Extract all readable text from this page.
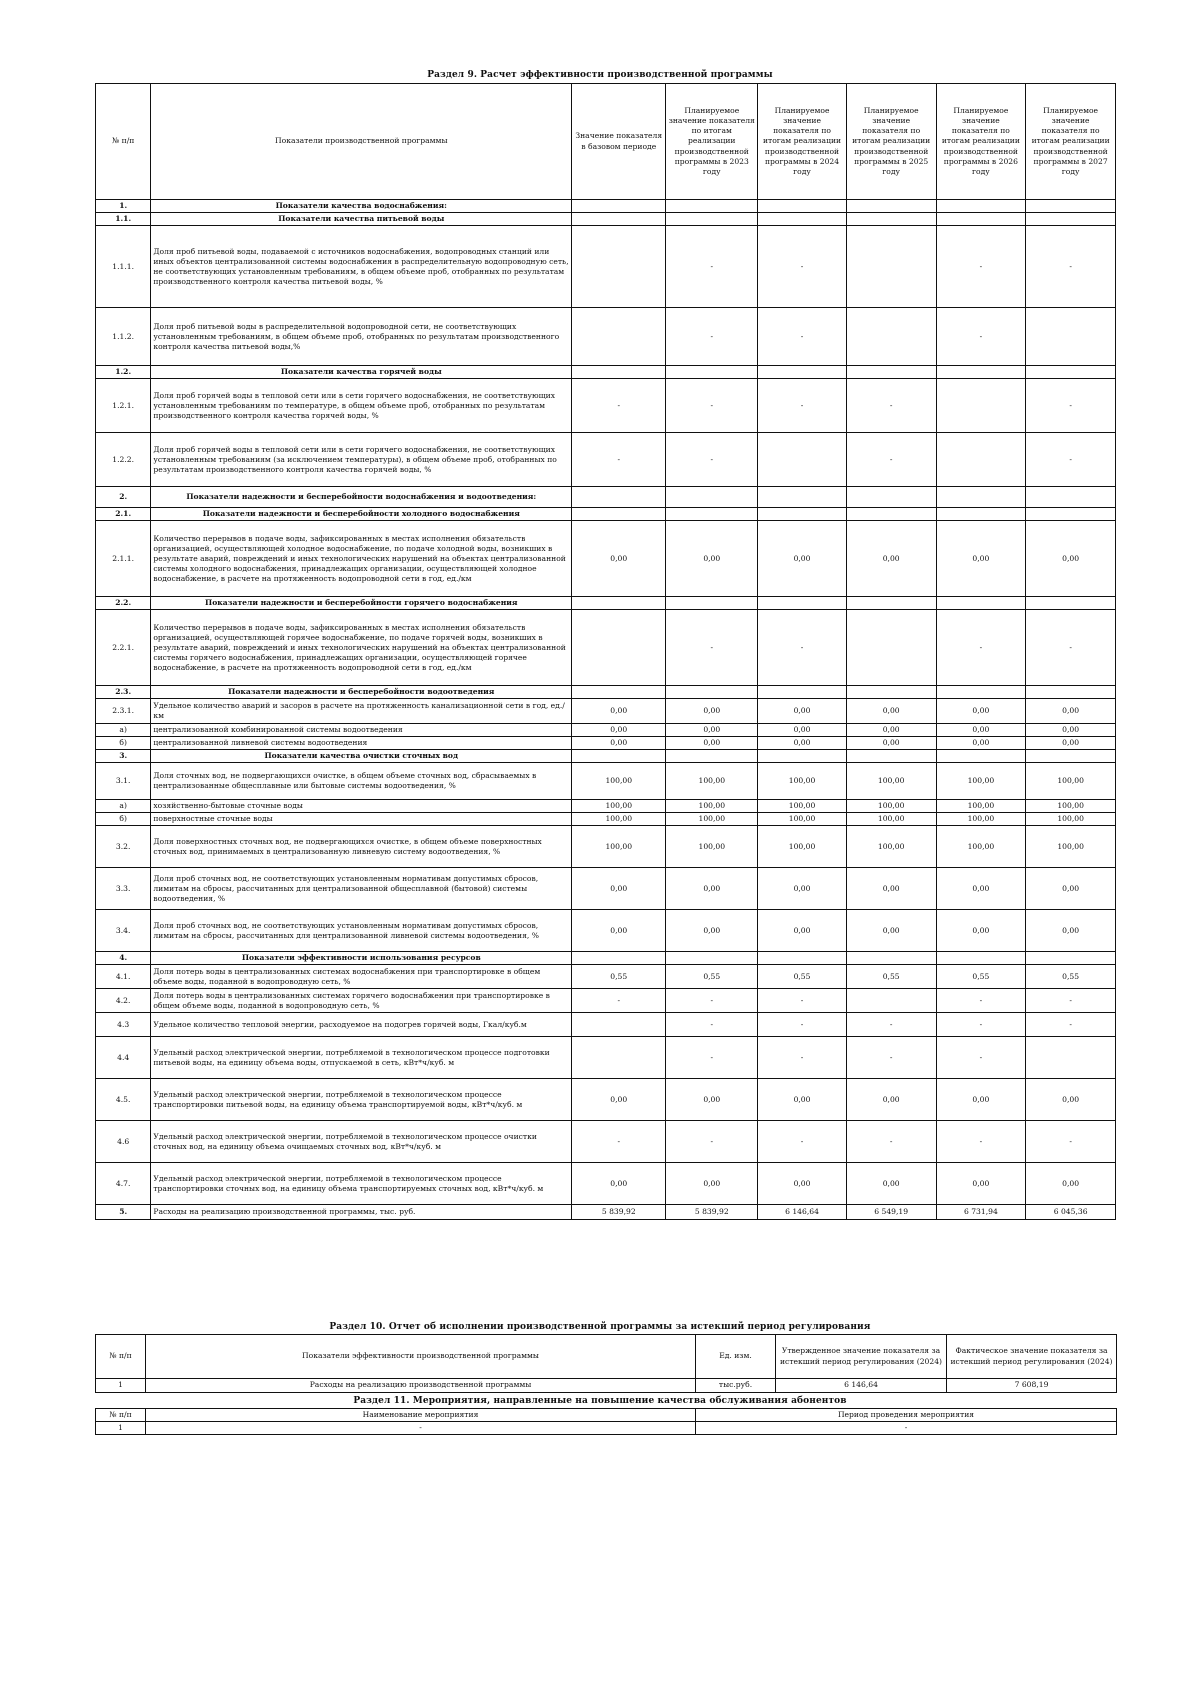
Раздел 9. Расчет эффективности производственной программы
№ п/п	Показатели производственной программы	Значение показателя в базовом периоде	Планируемое значение показателя по итогам реализации производственной программы в 2023 году	Планируемое значение показателя по итогам реализации производственной программы в 2024 году	Планируемое значение показателя по итогам реализации производственной программы в 2025 году	Планируемое значение показателя по итогам реализации производственной программы в 2026 году	Планируемое значение показателя по итогам реализации производственной программы в 2027 году
1.	Показатели качества водоснабжения:						
1.1.	Показатели качества питьевой воды						
1.1.1.	Доля проб питьевой воды, подаваемой с источников водоснабжения, водопроводных станций или иных объектов централизованной системы водоснабжения в распределительную водопроводную сеть, не соответствующих установленным требованиям, в общем объеме проб, отобранных по результатам производственного контроля качества питьевой воды, %		-	-		-	-
1.1.2.	Доля проб питьевой воды в распределительной водопроводной сети, не соответствующих установленным требованиям, в общем объеме проб, отобранных по результатам производственного контроля качества питьевой воды,%		-	-		-	
1.2.	Показатели качества горячей воды						
1.2.1.	Доля проб горячей воды в тепловой сети или в сети горячего водоснабжения, не соответствующих установленным требованиям по температуре, в общем объеме проб, отобранных по результатам производственного контроля качества горячей воды, %	-	-	-	-		-
1.2.2.	Доля проб горячей воды в тепловой сети или в сети горячего водоснабжения, не соответствующих установленным требованиям (за исключением температуры), в общем объеме проб, отобранных по результатам производственного контроля качества горячей воды, %	-	-		-		-
2.	Показатели надежности и бесперебойности водоснабжения и водоотведения:						
2.1.	Показатели надежности и бесперебойности холодного водоснабжения						
2.1.1.	Количество перерывов в подаче воды, зафиксированных в местах исполнения обязательств организацией, осуществляющей холодное водоснабжение, по подаче холодной воды, возникших в результате аварий, повреждений и иных технологических нарушений на объектах централизованной системы холодного водоснабжения, принадлежащих организации, осуществляющей холодное водоснабжение, в расчете на протяженность водопроводной сети в год, ед./км	0,00	0,00	0,00	0,00	0,00	0,00
2.2.	Показатели надежности и бесперебойности горячего водоснабжения						
2.2.1.	Количество перерывов в подаче воды, зафиксированных в местах исполнения обязательств организацией, осуществляющей горячее водоснабжение, по подаче горячей воды, возникших в результате аварий, повреждений и иных технологических нарушений на объектах централизованной системы горячего водоснабжения, принадлежащих организации, осуществляющей горячее водоснабжение, в расчете на протяженность водопроводной сети в год, ед./км		-	-		-	-
2.3.	Показатели надежности и бесперебойности водоотведения						
2.3.1.	Удельное количество аварий и засоров в расчете на протяженность канализационной сети в год, ед./км	0,00	0,00	0,00	0,00	0,00	0,00
а)	централизованной комбинированной системы водоотведения	0,00	0,00	0,00	0,00	0,00	0,00
б)	централизованной ливневой системы водоотведения	0,00	0,00	0,00	0,00	0,00	0,00
3.	Показатели качества очистки сточных вод						
3.1.	Доля сточных вод, не подвергающихся очистке, в общем объеме сточных вод, сбрасываемых в централизованные общесплавные или бытовые системы водоотведения, %	100,00	100,00	100,00	100,00	100,00	100,00
а)	хозяйственно-бытовые сточные воды	100,00	100,00	100,00	100,00	100,00	100,00
б)	поверхностные сточные воды	100,00	100,00	100,00	100,00	100,00	100,00
3.2.	Доля поверхностных сточных вод, не подвергающихся очистке, в общем объеме поверхностных сточных вод, принимаемых в централизованную ливневую систему водоотведения, %	100,00	100,00	100,00	100,00	100,00	100,00
3.3.	Доля проб сточных вод, не соответствующих установленным нормативам допустимых сбросов, лимитам на сбросы, рассчитанных для централизованной общесплавной (бытовой) системы водоотведения, %	0,00	0,00	0,00	0,00	0,00	0,00
3.4.	Доля проб сточных вод, не соответствующих установленным нормативам допустимых сбросов, лимитам на сбросы, рассчитанных для централизованной ливневой системы водоотведения, %	0,00	0,00	0,00	0,00	0,00	0,00
4.	Показатели эффективности использования ресурсов						
4.1.	Доля потерь воды в централизованных системах водоснабжения при транспортировке в общем объеме воды, поданной в водопроводную сеть, %	0,55	0,55	0,55	0,55	0,55	0,55
4.2.	Доля потерь воды в централизованных системах горячего водоснабжения при транспортировке в общем объеме воды, поданной в водопроводную сеть, %	-	-	-		-	-
4.3	Удельное количество тепловой энергии, расходуемое на подогрев горячей воды, Гкал/куб.м		-	-	-	-	-
4.4	Удельный расход электрической энергии, потребляемой в технологическом процессе подготовки питьевой воды, на единицу объема воды, отпускаемой в сеть, кВт*ч/куб. м		-	-	-	-	
4.5.	Удельный расход электрической энергии, потребляемой в технологическом процессе транспортировки питьевой воды, на единицу объема транспортируемой воды, кВт*ч/куб. м	0,00	0,00	0,00	0,00	0,00	0,00
4.6	Удельный расход электрической энергии, потребляемой в технологическом процессе очистки сточных вод, на единицу объема очищаемых сточных вод, кВт*ч/куб. м	-	-	-	-	-	-
4.7.	Удельный расход электрической энергии, потребляемой в технологическом процессе транспортировки сточных вод, на единицу объема транспортируемых сточных вод, кВт*ч/куб. м	0,00	0,00	0,00	0,00	0,00	0,00
5.	Расходы на реализацию производственной программы, тыс. руб.	5 839,92	5 839,92	6 146,64	6 549,19	6 731,94	6 045,36
Раздел 10. Отчет об исполнении производственной программы за истекший период регулирования
№ п/п	Показатели эффективности производственной программы	Ед. изм.	Утвержденное значение показателя за истекший период регулирования (2024)	Фактическое значение показателя за истекший период регулирования (2024)
1	Расходы на реализацию производственной программы	тыс.руб.	6 146,64	7 608,19
Раздел 11. Мероприятия, направленные на повышение качества обслуживания абонентов
№ п/п	Наименование мероприятия	Период проведения мероприятия
1	-	-
